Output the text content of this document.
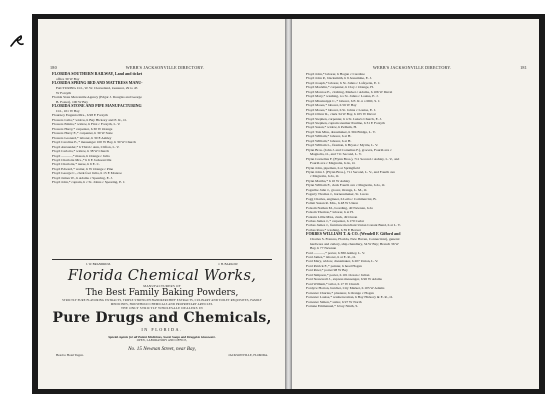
180	WEBB'S JACKSONVILLE DIRECTORY.
FLORIDA SOUTHERN RAILWAY, Land and ticket
office 30 W Bay
FLORIDA SPRING BED AND MATTRESS MANU-
FACTURING CO., W. W. Cleaveland, treasurer, 29 to 45
W Forsyth
Florida State Mercantile Agency (Edgar J. Douglas and George
B. Foster), 100 W Bay
FLORIDA STONE AND PIPE MANUFACTURING
CO., 101 W Bay
Flournoy Eugenia Mrs., h 98 E Forsyth
Flowers Celia,* widow, h Bay Hickory and E. R., O.
Flowers Emma,* widow, h First c Forsyth, L. V.
Flowers Harry,* carpenter, h 30 W Orange
Flowers Harry F.,* carpenter, h 30 W State
Flowers Leonard,* laborer, h 30 E Ashley
Floyd Caroline E.,* messenger 100 W Bay, h 30 W Church
Floyd Alexander,* h Third c Ann, Clifton, L. V.
Floyd Carlotta,* widow, h 38 W Church
Floyd ———,* mason, h Orange c Julia
Floyd Charlotte Mrs.,* h 6 E Jacksonville
Floyd Charlotte,* nurse, h 6 E. C.
Floyd Edward,* waiter, h W Orange c Pine
Floyd George C., clerk foot Julia, h 15 E Monroe
Floyd James W., h Adams c Spearing, E. J.
Floyd John,* captain, h c St. Johns c Spearing, E. J.
J. W. BRANDRUM.	J. H. BARLOW.
Florida Chemical Works,
MANUFACTURERS OF
The Best Family Baking Powders,
STRICTLY PURE FLAVORING EXTRACTS, TRIPLE STRENGTH HANDKERCHIEF EXTRACTS, CULINARY AND TOILET REQUISITES, FAMILY MEDICINES, HOUSEHOLD CHEMICALS AND PROPRIETARY ARTICLES.
THE ONLY STRICTLY WHOLESALE DEALERS IN
Pure Drugs and Chemicals,
IN FLORIDA.
Special Agents for all Patent Medicines, Sweet Soaps and Druggists Glassware.
OPEN, LABORATORY AND OFFICE,
No. 15 Newnan Street, near Bay,
Head to Hotel Tugon.	JACKSONVILLE, FLORIDA.
WEBB'S JACKSONVILLE DIRECTORY.	181
Floyd John,* laborer, h Hogan c Caroline
Floyd John P., blacksmith, h 9 Jessamine, E. J.
Floyd Joseph,* laborer, h St. Johns c Lafayette, E. J.
Floyd Macklin,* carpenter, h Clay c Orange, H.
Floyd Monroe E., clothing, Market c Adams, h 106 W Duval
Floyd Mary,* washing, n s St. Johns c Louisa, E. J.
Floyd Mississippi C.,* laborer, h E. R. n s Mill, S. J.
Floyd Moses,* laborer, h 56 W Bay
Floyd Moses,* laborer, h St. Johns c Louisa, E. J.
Floyd Oliver R., clerk 34 W Bay, h 105 W Duval
Floyd Stephen, carpenter, h n St. Luke's Church, E. J.
Floyd Stephen, captain steamer Pauline, h 31 E Forsyth
Floyd Susan,* widow, h Pelham, H.
Floyd Tale Miss, dressmaker, h 304 Bridge, L. V.
Floyd William,* laborer, h at H.
Floyd William,* laborer, h at H.
Floyd William L., fireman, h Bryan c Myrtle, L. V.
Flynn Bros. (John J. and Cornelius F.), grocers, Fourth ave c
Magnolia, O., and 711 Second, L. V.
Flynn Cornelius F. (Flynn Bros.), 711 Second c Ashley, L. V., and
Fourth ave c Magnolia, h do, O.
Flynn John, pipeman, h at Springfield
Flynn John J. (Flynn Bros.), 711 Second, L. V., and Fourth ave
c Magnolia, h do, O.
Flynn Martha,* h 10 W Ashley
Flynn William F., clerk Fourth ave c Magnolia, h do, O.
Fogarthe John J., grocer, Orange, L. M., O.
Fogarty Thomas J., harnessmaker, St. Lucas
Fogg Charles, engineer, h Leila c Commercial, B.
Follett Susan R. Mrs., h 48 W Union
Folsom Nathan M., boarding, 40 Newnan, h do
Folsom Thomas,* laborer, h at H.
Fontain Lillie Miss, clerk, 49 Ocean
Forbes James J.,* carpenter, h 170 Cedar
Forbes James J., furniture merchant Union Conant Bend, h at L. V.
Forbes Rosa,* washing, h 39 E Beaver
FORBES WILLIAM T. & CO. (Wendell F. Gifford and
Charles S. Frances, Florida, New Haven, Connecticut), general
hardware and cutlery, ship chandlery, 34 W Bay; Branch 36 W
Bay, h 77 Newnan
Ford ———,* porter, h 380 Ashley, L. V.
Ford James,* laborer, h at E. R., O.
Ford Mary, widow, dressmaker, h 207 Union, L. V.
Ford Patrick F.,* painter, h head Hogan
Ford Peter,* porter 98 W Bay
Ford Simpson,* porter, h 101 Ocean c Julian
Ford Stonewall J., express messenger, h 96 W Adams
Ford William,* tailor, h 17 W Church
Fordyce Horton, butcher, City Market, h 105 W Adams
Forrester Charles,* plasterer, h Orange c Hogan
Forrester Louise,* washerwoman, h Bay Hickory & E. R., O.
Forrester Simon,* sailor, h 97 W North
Fortune Emmanuel,* h bay Ninth, S.
